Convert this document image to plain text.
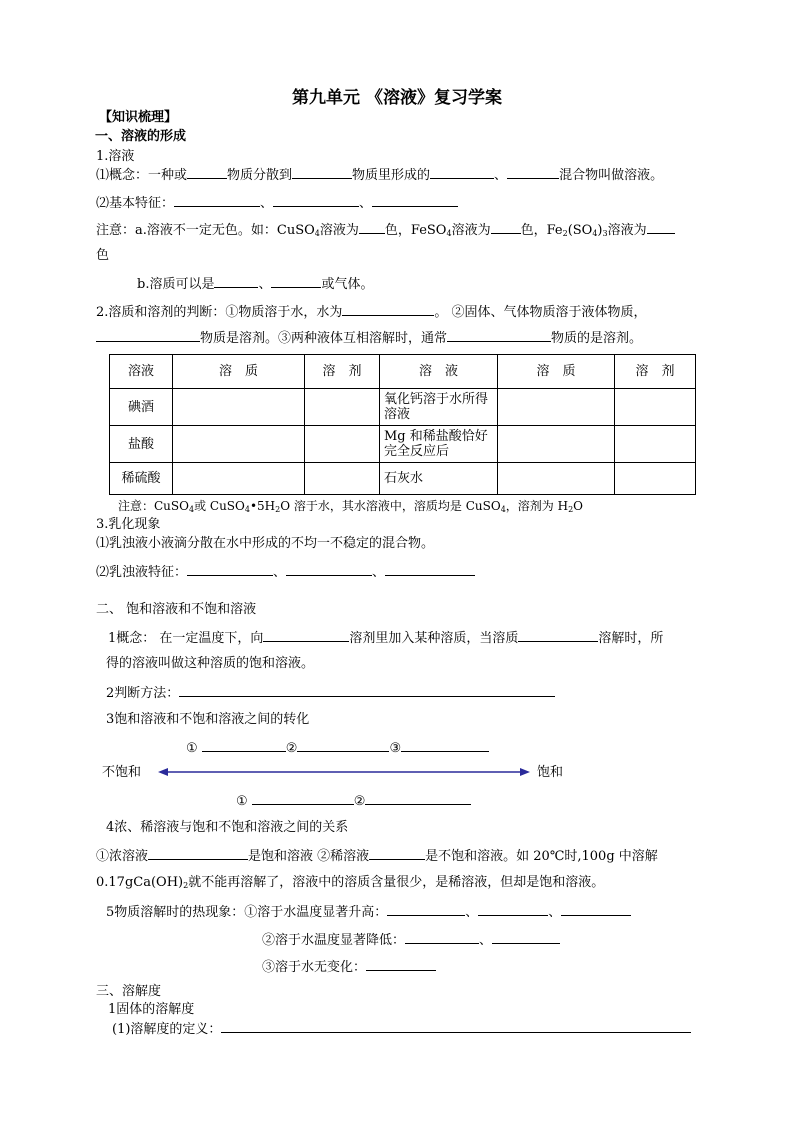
第九单元 《溶液》复习学案
【知识梳理】
一、溶液的形成
1.溶液
⑴概念：一种或	物质分散到	物质里形成的	、	混合物叫做溶液。
⑵基本特征：	、	、
注意：a.溶液不一定无色。如：CuSO$_4$溶液为 色，FeSO$_4$溶液为 色，$Fe_2(SO_4)_3$溶液为
色
b.溶质可以是	、	或气体。
2.溶质和溶剂的判断：①物质溶于水，水为	。 ②固体、气体物质溶于液体物质，
物质是溶剂。③两种液体互相溶解时，通常	物质的是溶剂。
溶液	溶　质	溶　剂	溶　液	溶　质	溶　剂
碘酒			氧化钙溶于水所得溶液		
盐酸			Mg 和稀盐酸恰好完全反应后		
稀硫酸			石灰水		
注意：CuSO$_4$或 $CuSO_4•5H_2O$ 溶于水，其水溶液中，溶质均是 CuSO$_4$，溶剂为 $H_2O$
3.乳化现象
⑴乳浊液小液滴分散在水中形成的不均一不稳定的混合物。
⑵乳浊液特征：	、	、
二、 饱和溶液和不饱和溶液
1概念： 在一定温度下，向	溶剂里加入某种溶质，当溶质	溶解时，所
得的溶液叫做这种溶质的饱和溶液。
2判断方法：
3饱和溶液和不饱和溶液之间的转化
①	②	③
不饱和	饱和
①	②
4浓、稀溶液与饱和不饱和溶液之间的关系
①浓溶液	是饱和溶液 ②稀溶液	是不饱和溶液。如 20℃时,100g 中溶解
$0.17gCa(OH)_2$就不能再溶解了，溶液中的溶质含量很少，是稀溶液，但却是饱和溶液。
5物质溶解时的热现象：①溶于水温度显著升高：	、	、
②溶于水温度显著降低：	、
③溶于水无变化：
三、溶解度
1固体的溶解度
(1)溶解度的定义：
